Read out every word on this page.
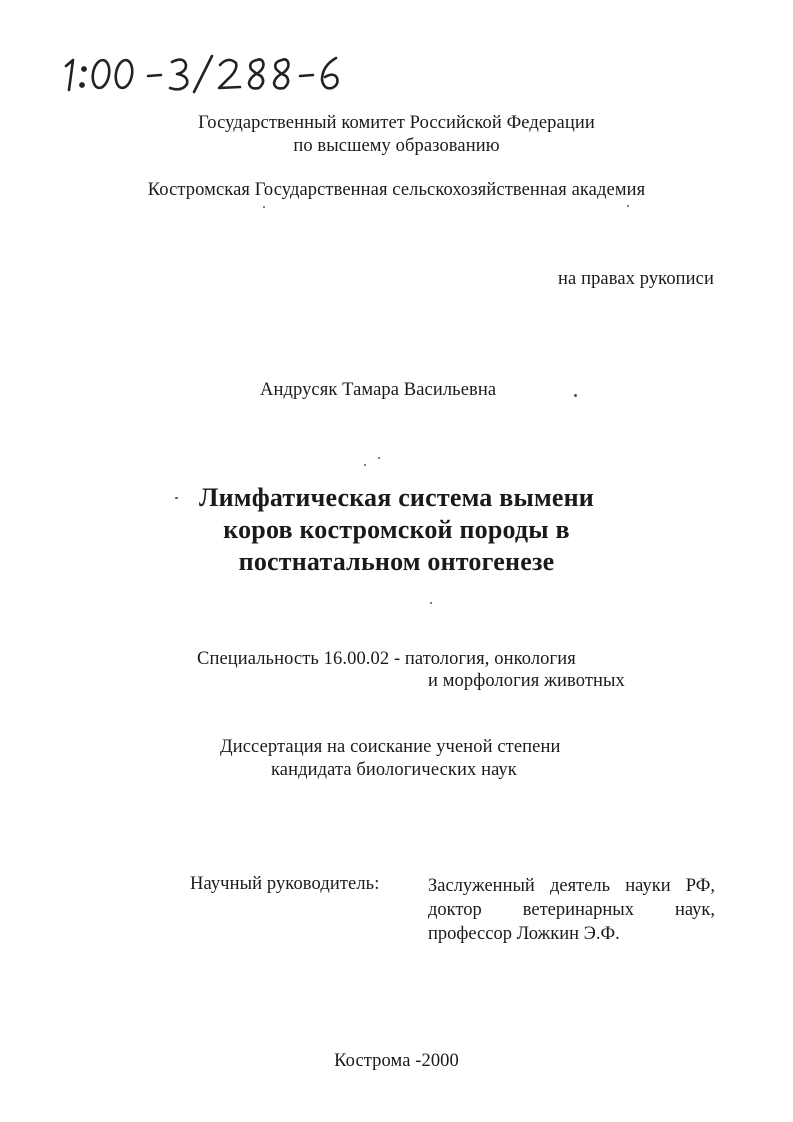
Государственный комитет Российской Федерации
по высшему образованию
Костромская Государственная сельскохозяйственная академия
на правах рукописи
Андрусяк Тамара Васильевна
Лимфатическая система вымени
коров костромской породы в
постнатальном онтогенезе
Специальность 16.00.02 - патология, онкология
и морфология животных
Диссертация на соискание ученой степени
кандидата биологических наук
Научный руководитель:	Заслуженный деятель науки РФ, доктор ветеринарных наук, профессор Ложкин Э.Ф.
Кострома -2000
